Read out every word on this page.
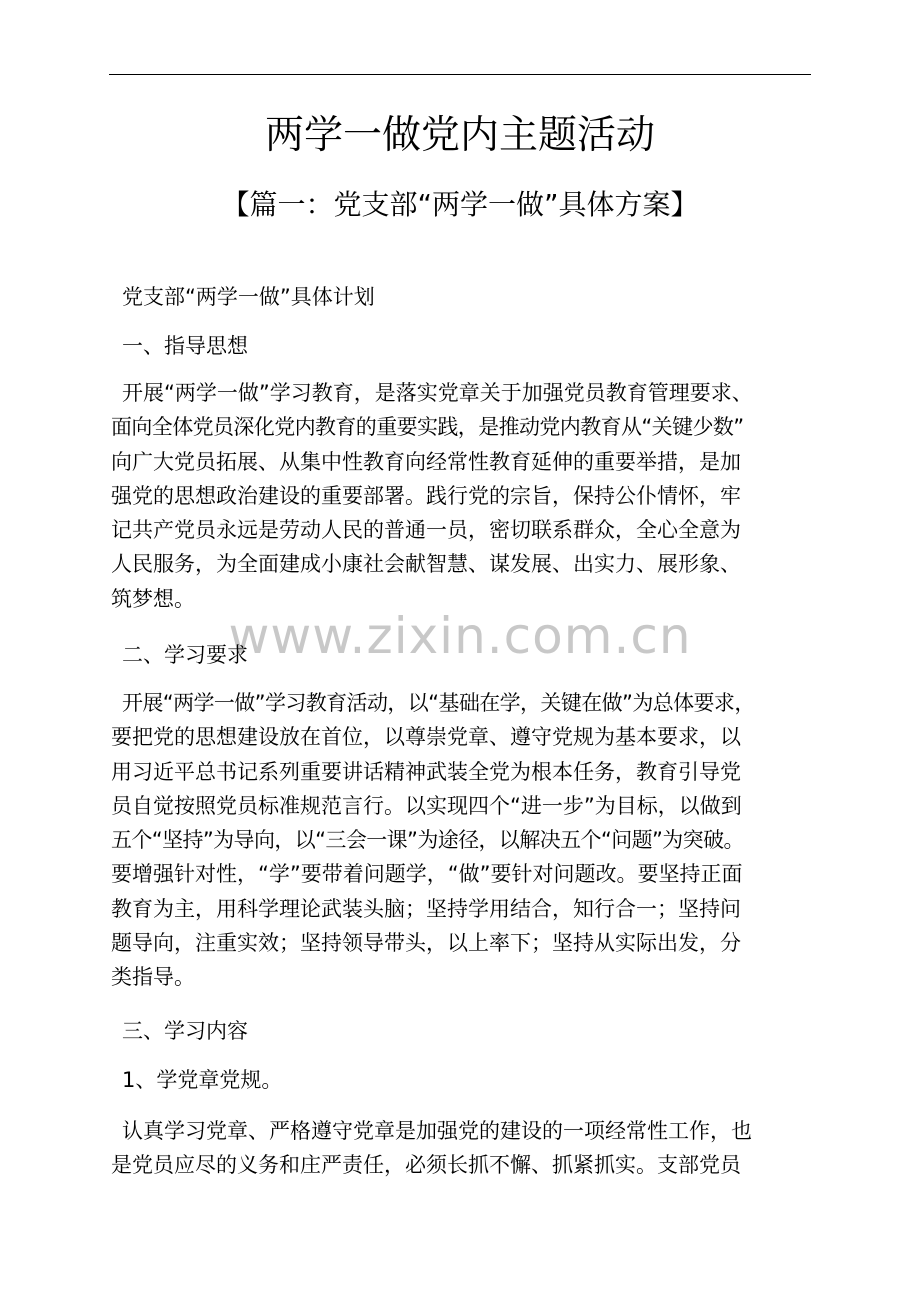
两学一做党内主题活动
【篇一：党支部“两学一做”具体方案】
党支部“两学一做”具体计划
一、指导思想
开展“两学一做”学习教育，是落实党章关于加强党员教育管理要求、
面向全体党员深化党内教育的重要实践，是推动党内教育从“关键少数”
向广大党员拓展、从集中性教育向经常性教育延伸的重要举措，是加
强党的思想政治建设的重要部署。践行党的宗旨，保持公仆情怀，牢
记共产党员永远是劳动人民的普通一员，密切联系群众，全心全意为
人民服务，为全面建成小康社会献智慧、谋发展、出实力、展形象、
筑梦想。
www.zixin.com.cn
二、学习要求
开展“两学一做”学习教育活动，以“基础在学，关键在做”为总体要求，
要把党的思想建设放在首位，以尊崇党章、遵守党规为基本要求，以
用习近平总书记系列重要讲话精神武装全党为根本任务，教育引导党
员自觉按照党员标准规范言行。以实现四个“进一步”为目标，以做到
五个“坚持”为导向，以“三会一课”为途径，以解决五个“问题”为突破。
要增强针对性，“学”要带着问题学，“做”要针对问题改。要坚持正面
教育为主，用科学理论武装头脑；坚持学用结合，知行合一；坚持问
题导向，注重实效；坚持领导带头，以上率下；坚持从实际出发，分
类指导。
三、学习内容
1、学党章党规。
认真学习党章、严格遵守党章是加强党的建设的一项经常性工作，也
是党员应尽的义务和庄严责任，必须长抓不懈、抓紧抓实。支部党员
